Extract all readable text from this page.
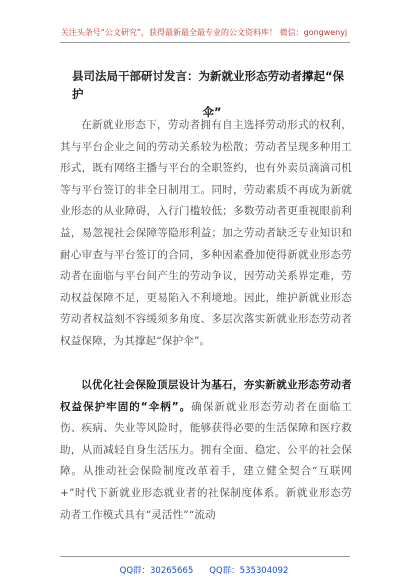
关注头条号“公文研究”，获得最新最全最专业的公文资料库！ 微信：gongwenyj
县司法局干部研讨发言：为新就业形态劳动者撑起“保护
伞”
在新就业形态下，劳动者拥有自主选择劳动形式的权利，其与平台企业之间的劳动关系较为松散；劳动者呈现多种用工形式，既有网络主播与平台的全职签约，也有外卖员滴滴司机等与平台签订的非全日制用工。同时，劳动素质不再成为新就业形态的从业障碍，入行门槛较低；多数劳动者更重视眼前利益，易忽视社会保障等隐形利益；加之劳动者缺乏专业知识和耐心审查与平台签订的合同，多种因素叠加使得新就业形态劳动者在面临与平台间产生的劳动争议，因劳动关系界定难，劳动权益保障不足，更易陷入不利境地。因此，维护新就业形态劳动者权益刻不容缓须多角度、多层次落实新就业形态劳动者权益保障，为其撑起“保护伞”。
以优化社会保险顶层设计为基石，夯实新就业形态劳动者权益保护牢固的“伞柄”。确保新就业形态劳动者在面临工伤、疾病、失业等风险时，能够获得必要的生活保障和医疗救助，从而减轻自身生活压力。拥有全面、稳定、公平的社会保障。从推动社会保险制度改革着手，建立健全契合“互联网+”时代下新就业形态就业者的社保制度体系。新就业形态劳动者工作模式具有“灵活性”“流动
QQ群：30265665 QQ群：535304092
